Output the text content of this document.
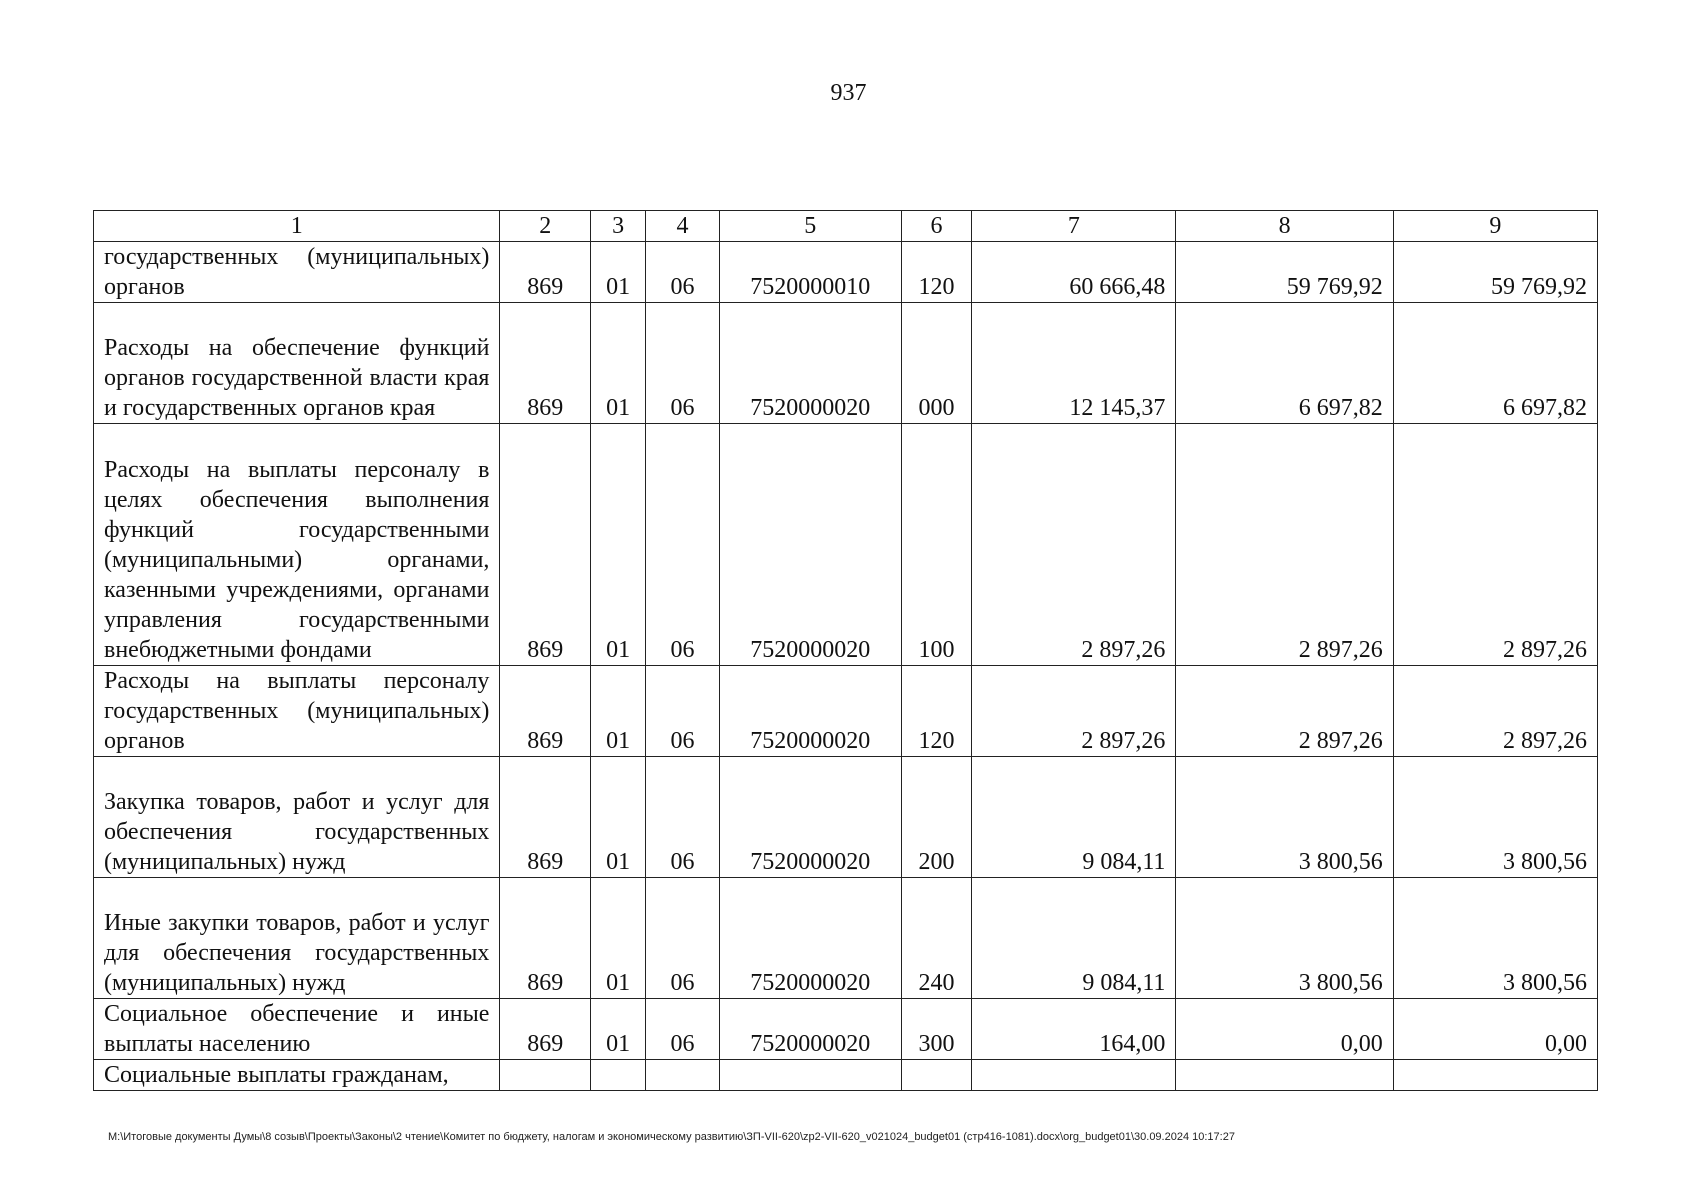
937
1	2	3	4	5	6	7	8	9
государственных (муниципальных) органов	869	01	06	7520000010	120	60 666,48	59 769,92	59 769,92
Расходы на обеспечение функций органов государственной власти края и государственных органов края	869	01	06	7520000020	000	12 145,37	6 697,82	6 697,82
Расходы на выплаты персоналу в целях обеспечения выполнения функций государственными (муниципальными) органами, казенными учреждениями, органами управления государственными внебюджетными фондами	869	01	06	7520000020	100	2 897,26	2 897,26	2 897,26
Расходы на выплаты персоналу государственных (муниципальных) органов	869	01	06	7520000020	120	2 897,26	2 897,26	2 897,26
Закупка товаров, работ и услуг для обеспечения государственных (муниципальных) нужд	869	01	06	7520000020	200	9 084,11	3 800,56	3 800,56
Иные закупки товаров, работ и услуг для обеспечения государственных (муниципальных) нужд	869	01	06	7520000020	240	9 084,11	3 800,56	3 800,56
Социальное обеспечение и иные выплаты населению	869	01	06	7520000020	300	164,00	0,00	0,00
Социальные выплаты гражданам,								
М:\Итоговые документы Думы\8 созыв\Проекты\Законы\2 чтение\Комитет по бюджету, налогам и экономическому развитию\ЗП-VII-620\zp2-VII-620_v021024_budget01 (стр416-1081).docx\org_budget01\30.09.2024 10:17:27
